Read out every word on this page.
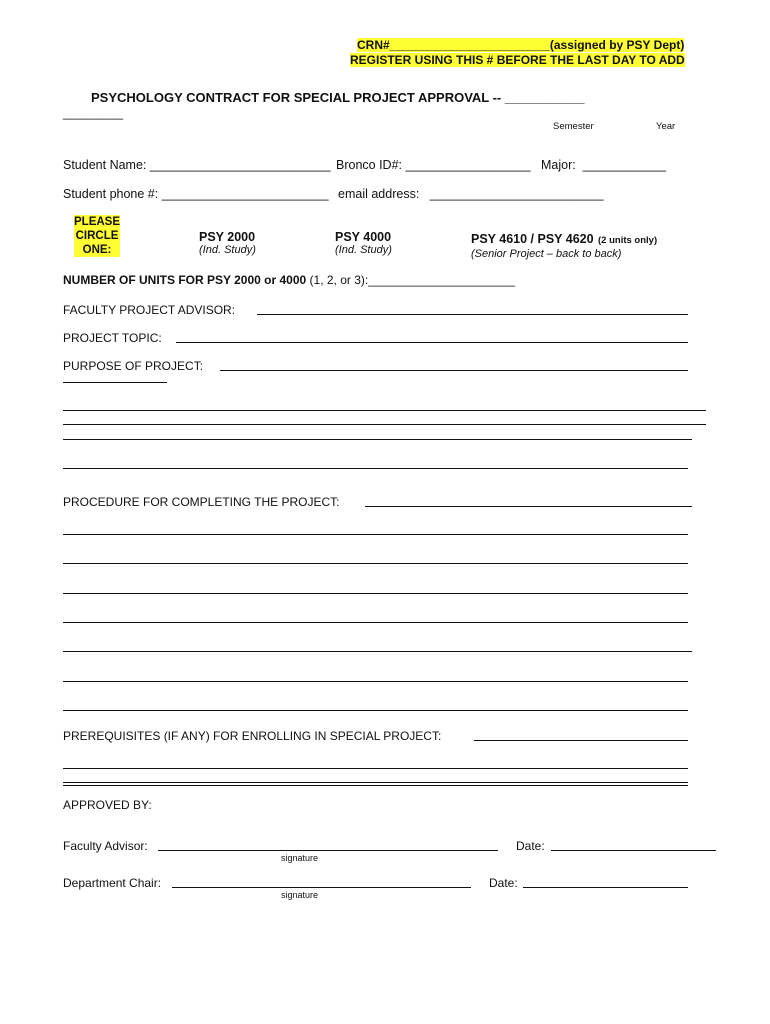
CRN#________________________(assigned by PSY Dept)
REGISTER USING THIS # BEFORE THE LAST DAY TO ADD
PSYCHOLOGY CONTRACT FOR SPECIAL PROJECT APPROVAL -- ___________
_________
Semester	Year
Student Name: __________________________ Bronco ID#: __________________ Major: ____________
Student phone #: ________________________ email address: _________________________
PLEASE
CIRCLE
ONE:
PSY 2000
(Ind. Study)
PSY 4000
(Ind. Study)
PSY 4610 / PSY 4620 (2 units only)
(Senior Project – back to back)
NUMBER OF UNITS FOR PSY 2000 or 4000 (1, 2, or 3):______________________
FACULTY PROJECT ADVISOR:
PROJECT TOPIC:
PURPOSE OF PROJECT:
PROCEDURE FOR COMPLETING THE PROJECT:
PREREQUISITES (IF ANY) FOR ENROLLING IN SPECIAL PROJECT:
APPROVED BY:
Faculty Advisor:
signature
Date:
Department Chair:
signature
Date:
